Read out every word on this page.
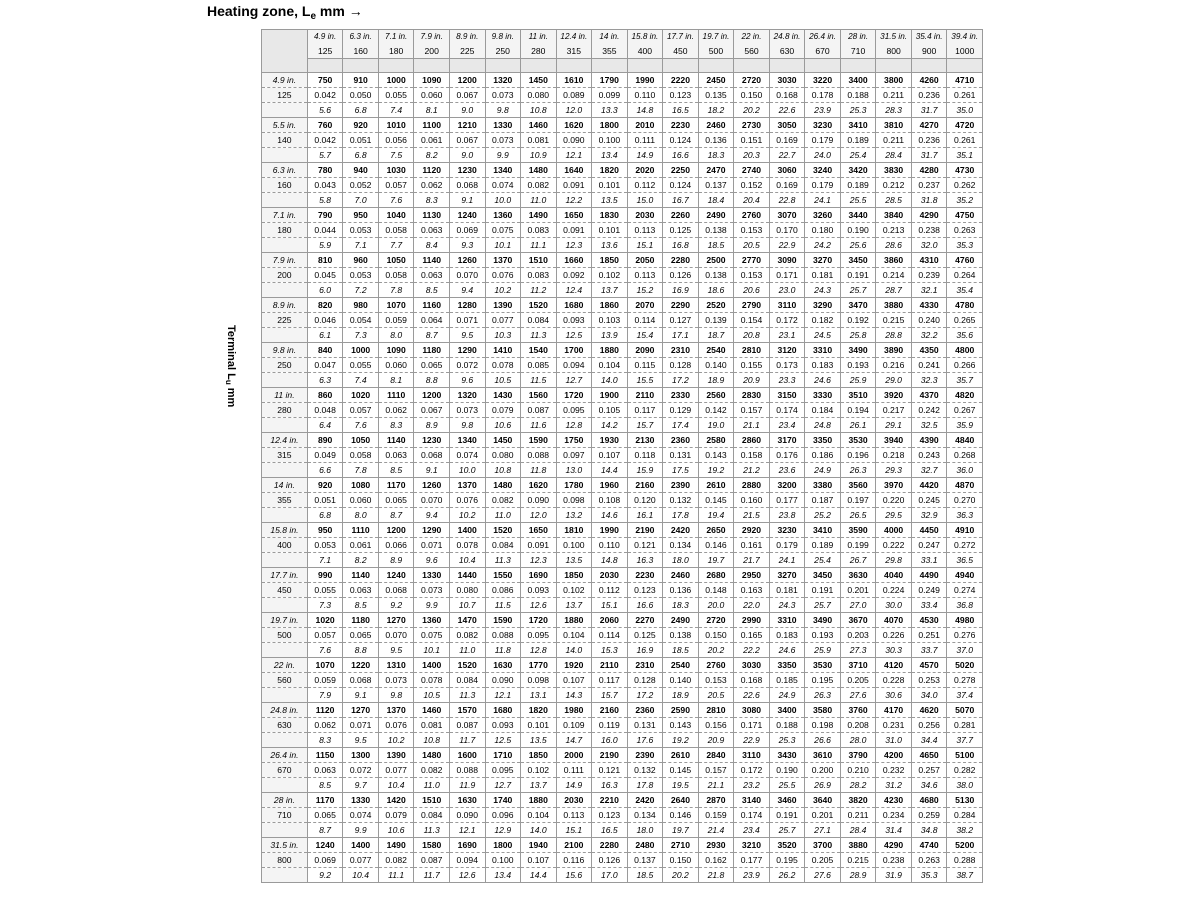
Heating zone, $L_e$ mm →
Terminal $L_u$ mm
	4.9 in.	6.3 in.	7.1 in.	7.9 in.	8.9 in.	9.8 in.	11 in.	12.4 in.	14 in.	15.8 in.	17.7 in.	19.7 in.	22 in.	24.8 in.	26.4 in.	28 in.	31.5 in.	35.4 in.	39.4 in.
	125	160	180	200	225	250	280	315	355	400	450	500	560	630	670	710	800	900	1000

4.9 in.	750	910	1000	1090	1200	1320	1450	1610	1790	1990	2220	2450	2720	3030	3220	3400	3800	4260	4710
125	0.042	0.050	0.055	0.060	0.067	0.073	0.080	0.089	0.099	0.110	0.123	0.135	0.150	0.168	0.178	0.188	0.211	0.236	0.261
	5.6	6.8	7.4	8.1	9.0	9.8	10.8	12.0	13.3	14.8	16.5	18.2	20.2	22.6	23.9	25.3	28.3	31.7	35.0
5.5 in.	760	920	1010	1100	1210	1330	1460	1620	1800	2010	2230	2460	2730	3050	3230	3410	3810	4270	4720
140	0.042	0.051	0.056	0.061	0.067	0.073	0.081	0.090	0.100	0.111	0.124	0.136	0.151	0.169	0.179	0.189	0.211	0.236	0.261
	5.7	6.8	7.5	8.2	9.0	9.9	10.9	12.1	13.4	14.9	16.6	18.3	20.3	22.7	24.0	25.4	28.4	31.7	35.1
6.3 in.	780	940	1030	1120	1230	1340	1480	1640	1820	2020	2250	2470	2740	3060	3240	3420	3830	4280	4730
160	0.043	0.052	0.057	0.062	0.068	0.074	0.082	0.091	0.101	0.112	0.124	0.137	0.152	0.169	0.179	0.189	0.212	0.237	0.262
	5.8	7.0	7.6	8.3	9.1	10.0	11.0	12.2	13.5	15.0	16.7	18.4	20.4	22.8	24.1	25.5	28.5	31.8	35.2
7.1 in.	790	950	1040	1130	1240	1360	1490	1650	1830	2030	2260	2490	2760	3070	3260	3440	3840	4290	4750
180	0.044	0.053	0.058	0.063	0.069	0.075	0.083	0.091	0.101	0.113	0.125	0.138	0.153	0.170	0.180	0.190	0.213	0.238	0.263
	5.9	7.1	7.7	8.4	9.3	10.1	11.1	12.3	13.6	15.1	16.8	18.5	20.5	22.9	24.2	25.6	28.6	32.0	35.3
7.9 in.	810	960	1050	1140	1260	1370	1510	1660	1850	2050	2280	2500	2770	3090	3270	3450	3860	4310	4760
200	0.045	0.053	0.058	0.063	0.070	0.076	0.083	0.092	0.102	0.113	0.126	0.138	0.153	0.171	0.181	0.191	0.214	0.239	0.264
	6.0	7.2	7.8	8.5	9.4	10.2	11.2	12.4	13.7	15.2	16.9	18.6	20.6	23.0	24.3	25.7	28.7	32.1	35.4
8.9 in.	820	980	1070	1160	1280	1390	1520	1680	1860	2070	2290	2520	2790	3110	3290	3470	3880	4330	4780
225	0.046	0.054	0.059	0.064	0.071	0.077	0.084	0.093	0.103	0.114	0.127	0.139	0.154	0.172	0.182	0.192	0.215	0.240	0.265
	6.1	7.3	8.0	8.7	9.5	10.3	11.3	12.5	13.9	15.4	17.1	18.7	20.8	23.1	24.5	25.8	28.8	32.2	35.6
9.8 in.	840	1000	1090	1180	1290	1410	1540	1700	1880	2090	2310	2540	2810	3120	3310	3490	3890	4350	4800
250	0.047	0.055	0.060	0.065	0.072	0.078	0.085	0.094	0.104	0.115	0.128	0.140	0.155	0.173	0.183	0.193	0.216	0.241	0.266
	6.3	7.4	8.1	8.8	9.6	10.5	11.5	12.7	14.0	15.5	17.2	18.9	20.9	23.3	24.6	25.9	29.0	32.3	35.7
11 in.	860	1020	1110	1200	1320	1430	1560	1720	1900	2110	2330	2560	2830	3150	3330	3510	3920	4370	4820
280	0.048	0.057	0.062	0.067	0.073	0.079	0.087	0.095	0.105	0.117	0.129	0.142	0.157	0.174	0.184	0.194	0.217	0.242	0.267
	6.4	7.6	8.3	8.9	9.8	10.6	11.6	12.8	14.2	15.7	17.4	19.0	21.1	23.4	24.8	26.1	29.1	32.5	35.9
12.4 in.	890	1050	1140	1230	1340	1450	1590	1750	1930	2130	2360	2580	2860	3170	3350	3530	3940	4390	4840
315	0.049	0.058	0.063	0.068	0.074	0.080	0.088	0.097	0.107	0.118	0.131	0.143	0.158	0.176	0.186	0.196	0.218	0.243	0.268
	6.6	7.8	8.5	9.1	10.0	10.8	11.8	13.0	14.4	15.9	17.5	19.2	21.2	23.6	24.9	26.3	29.3	32.7	36.0
14 in.	920	1080	1170	1260	1370	1480	1620	1780	1960	2160	2390	2610	2880	3200	3380	3560	3970	4420	4870
355	0.051	0.060	0.065	0.070	0.076	0.082	0.090	0.098	0.108	0.120	0.132	0.145	0.160	0.177	0.187	0.197	0.220	0.245	0.270
	6.8	8.0	8.7	9.4	10.2	11.0	12.0	13.2	14.6	16.1	17.8	19.4	21.5	23.8	25.2	26.5	29.5	32.9	36.3
15.8 in.	950	1110	1200	1290	1400	1520	1650	1810	1990	2190	2420	2650	2920	3230	3410	3590	4000	4450	4910
400	0.053	0.061	0.066	0.071	0.078	0.084	0.091	0.100	0.110	0.121	0.134	0.146	0.161	0.179	0.189	0.199	0.222	0.247	0.272
	7.1	8.2	8.9	9.6	10.4	11.3	12.3	13.5	14.8	16.3	18.0	19.7	21.7	24.1	25.4	26.7	29.8	33.1	36.5
17.7 in.	990	1140	1240	1330	1440	1550	1690	1850	2030	2230	2460	2680	2950	3270	3450	3630	4040	4490	4940
450	0.055	0.063	0.068	0.073	0.080	0.086	0.093	0.102	0.112	0.123	0.136	0.148	0.163	0.181	0.191	0.201	0.224	0.249	0.274
	7.3	8.5	9.2	9.9	10.7	11.5	12.6	13.7	15.1	16.6	18.3	20.0	22.0	24.3	25.7	27.0	30.0	33.4	36.8
19.7 in.	1020	1180	1270	1360	1470	1590	1720	1880	2060	2270	2490	2720	2990	3310	3490	3670	4070	4530	4980
500	0.057	0.065	0.070	0.075	0.082	0.088	0.095	0.104	0.114	0.125	0.138	0.150	0.165	0.183	0.193	0.203	0.226	0.251	0.276
	7.6	8.8	9.5	10.1	11.0	11.8	12.8	14.0	15.3	16.9	18.5	20.2	22.2	24.6	25.9	27.3	30.3	33.7	37.0
22 in.	1070	1220	1310	1400	1520	1630	1770	1920	2110	2310	2540	2760	3030	3350	3530	3710	4120	4570	5020
560	0.059	0.068	0.073	0.078	0.084	0.090	0.098	0.107	0.117	0.128	0.140	0.153	0.168	0.185	0.195	0.205	0.228	0.253	0.278
	7.9	9.1	9.8	10.5	11.3	12.1	13.1	14.3	15.7	17.2	18.9	20.5	22.6	24.9	26.3	27.6	30.6	34.0	37.4
24.8 in.	1120	1270	1370	1460	1570	1680	1820	1980	2160	2360	2590	2810	3080	3400	3580	3760	4170	4620	5070
630	0.062	0.071	0.076	0.081	0.087	0.093	0.101	0.109	0.119	0.131	0.143	0.156	0.171	0.188	0.198	0.208	0.231	0.256	0.281
	8.3	9.5	10.2	10.8	11.7	12.5	13.5	14.7	16.0	17.6	19.2	20.9	22.9	25.3	26.6	28.0	31.0	34.4	37.7
26.4 in.	1150	1300	1390	1480	1600	1710	1850	2000	2190	2390	2610	2840	3110	3430	3610	3790	4200	4650	5100
670	0.063	0.072	0.077	0.082	0.088	0.095	0.102	0.111	0.121	0.132	0.145	0.157	0.172	0.190	0.200	0.210	0.232	0.257	0.282
	8.5	9.7	10.4	11.0	11.9	12.7	13.7	14.9	16.3	17.8	19.5	21.1	23.2	25.5	26.9	28.2	31.2	34.6	38.0
28 in.	1170	1330	1420	1510	1630	1740	1880	2030	2210	2420	2640	2870	3140	3460	3640	3820	4230	4680	5130
710	0.065	0.074	0.079	0.084	0.090	0.096	0.104	0.113	0.123	0.134	0.146	0.159	0.174	0.191	0.201	0.211	0.234	0.259	0.284
	8.7	9.9	10.6	11.3	12.1	12.9	14.0	15.1	16.5	18.0	19.7	21.4	23.4	25.7	27.1	28.4	31.4	34.8	38.2
31.5 in.	1240	1400	1490	1580	1690	1800	1940	2100	2280	2480	2710	2930	3210	3520	3700	3880	4290	4740	5200
800	0.069	0.077	0.082	0.087	0.094	0.100	0.107	0.116	0.126	0.137	0.150	0.162	0.177	0.195	0.205	0.215	0.238	0.263	0.288
	9.2	10.4	11.1	11.7	12.6	13.4	14.4	15.6	17.0	18.5	20.2	21.8	23.9	26.2	27.6	28.9	31.9	35.3	38.7
